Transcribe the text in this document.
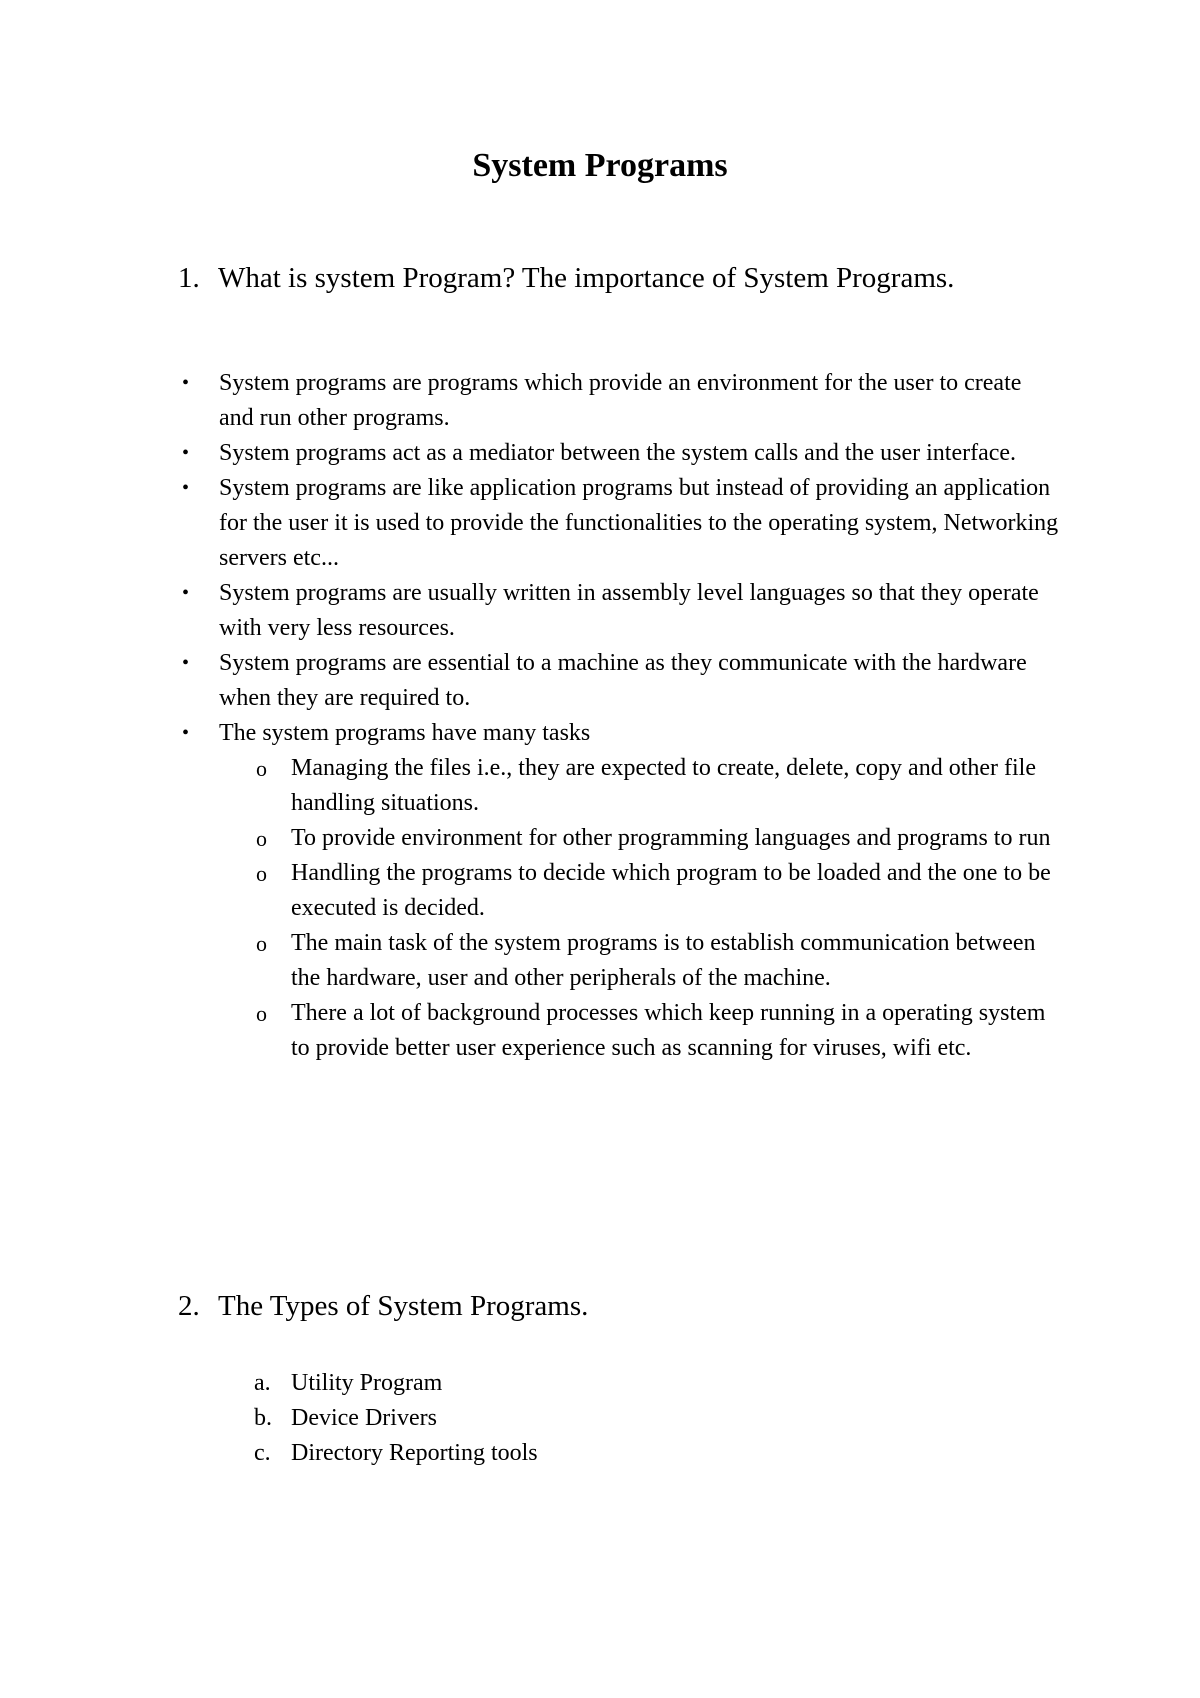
System Programs
1. What is system Program? The importance of System Programs.
• System programs are programs which provide an environment for the user to create and run other programs.
• System programs act as a mediator between the system calls and the user interface.
• System programs are like application programs but instead of providing an application for the user it is used to provide the functionalities to the operating system, Networking servers etc...
• System programs are usually written in assembly level languages so that they operate with very less resources.
• System programs are essential to a machine as they communicate with the hardware when they are required to.
• The system programs have many tasks
o Managing the files i.e., they are expected to create, delete, copy and other file handling situations.
o To provide environment for other programming languages and programs to run
o Handling the programs to decide which program to be loaded and the one to be executed is decided.
o The main task of the system programs is to establish communication between the hardware, user and other peripherals of the machine.
o There a lot of background processes which keep running in a operating system to provide better user experience such as scanning for viruses, wifi etc.
2. The Types of System Programs.
a. Utility Program
b. Device Drivers
c. Directory Reporting tools
